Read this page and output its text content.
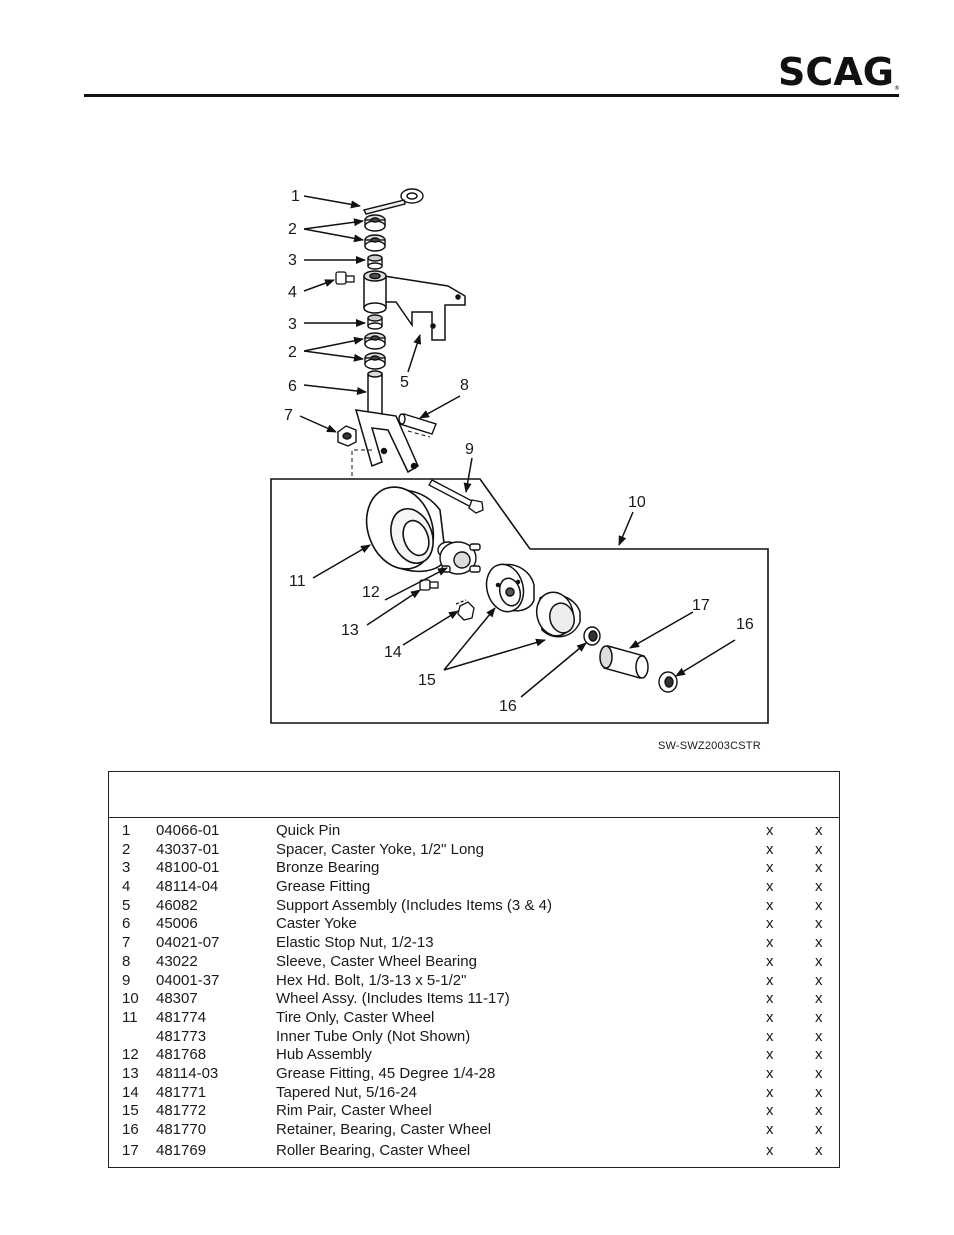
SCAG ®
1
2
3
4
3
2
6
7
5	8
9
10
11
12
13
14
15
17
16
16
SW-SWZ2003CSTR
1 04066-01	Quick Pin	x	x
2 43037-01	Spacer, Caster Yoke, 1/2" Long	x	x
3 48100-01	Bronze Bearing	x	x
4 48114-04	Grease Fitting	x	x
5 46082	Support Assembly (Includes Items (3 & 4)	x	x
6 45006	Caster Yoke	x	x
7 04021-07	Elastic Stop Nut, 1/2-13	x	x
8 43022	Sleeve, Caster Wheel Bearing	x	x
9 04001-37	Hex Hd. Bolt, 1/3-13 x 5-1/2"	x	x
10 48307	Wheel Assy. (Includes Items 11-17)	x	x
11 481774	Tire Only, Caster Wheel	x	x
481773	Inner Tube Only (Not Shown)	x	x
12 481768	Hub Assembly	x	x
13 48114-03	Grease Fitting, 45 Degree 1/4-28	x	x
14 481771	Tapered Nut, 5/16-24	x	x
15 481772	Rim Pair, Caster Wheel	x	x
16 481770	Retainer, Bearing, Caster Wheel	x	x
17 481769	Roller Bearing, Caster Wheel	x	x
